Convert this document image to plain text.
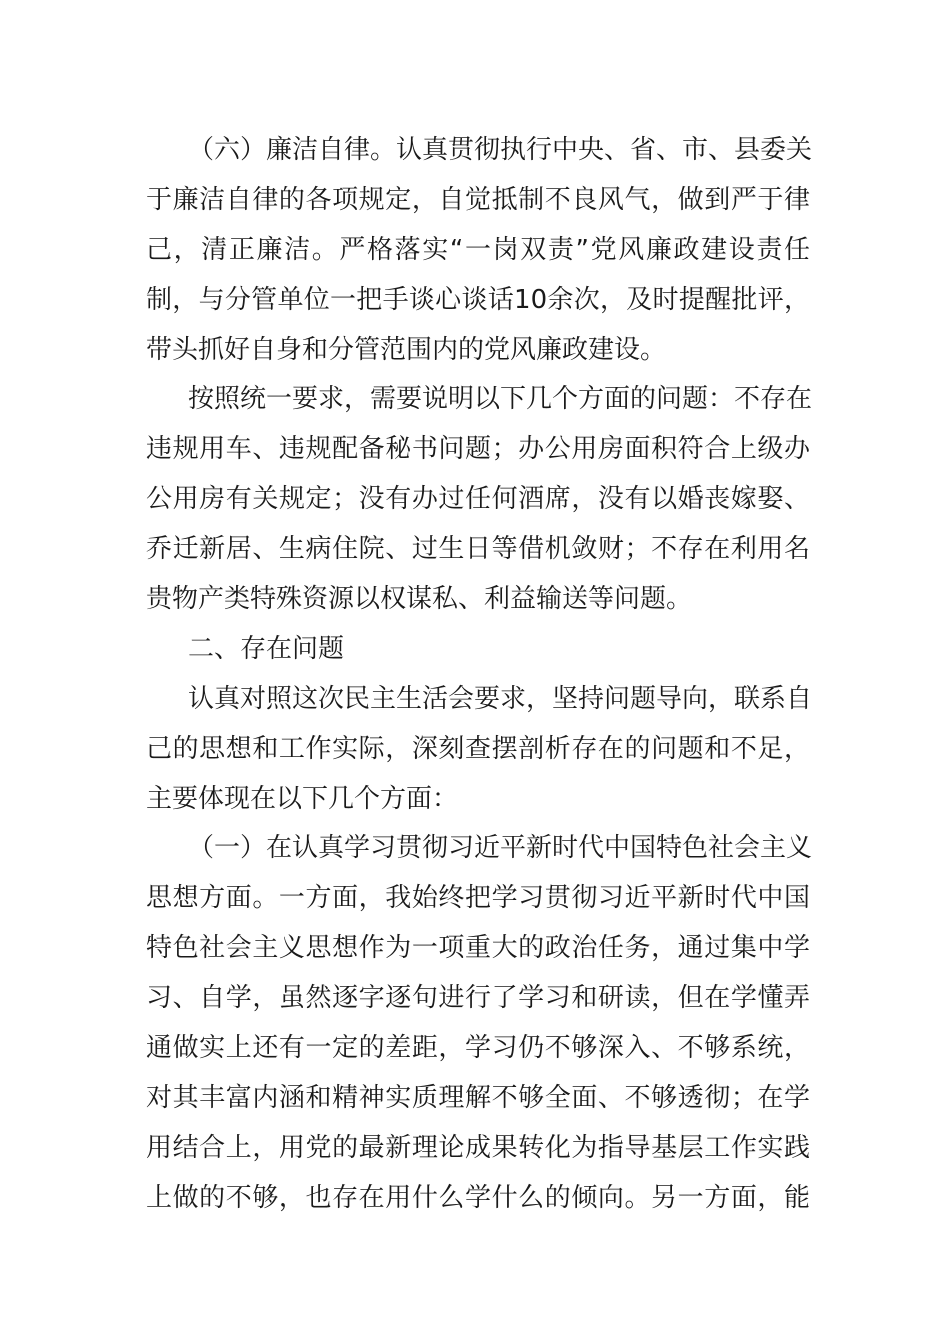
（六）廉洁自律。认真贯彻执行中央、省、市、县委关
于廉洁自律的各项规定，自觉抵制不良风气，做到严于律
己，清正廉洁。严格落实“一岗双责”党风廉政建设责任
制，与分管单位一把手谈心谈话10余次，及时提醒批评，
带头抓好自身和分管范围内的党风廉政建设。
按照统一要求，需要说明以下几个方面的问题：不存在
违规用车、违规配备秘书问题；办公用房面积符合上级办
公用房有关规定；没有办过任何酒席，没有以婚丧嫁娶、
乔迁新居、生病住院、过生日等借机敛财；不存在利用名
贵物产类特殊资源以权谋私、利益输送等问题。
二、存在问题
认真对照这次民主生活会要求，坚持问题导向，联系自
己的思想和工作实际，深刻查摆剖析存在的问题和不足，
主要体现在以下几个方面：
（一）在认真学习贯彻习近平新时代中国特色社会主义
思想方面。一方面，我始终把学习贯彻习近平新时代中国
特色社会主义思想作为一项重大的政治任务，通过集中学
习、自学，虽然逐字逐句进行了学习和研读，但在学懂弄
通做实上还有一定的差距，学习仍不够深入、不够系统，
对其丰富内涵和精神实质理解不够全面、不够透彻；在学
用结合上，用党的最新理论成果转化为指导基层工作实践
上做的不够，也存在用什么学什么的倾向。另一方面，能
